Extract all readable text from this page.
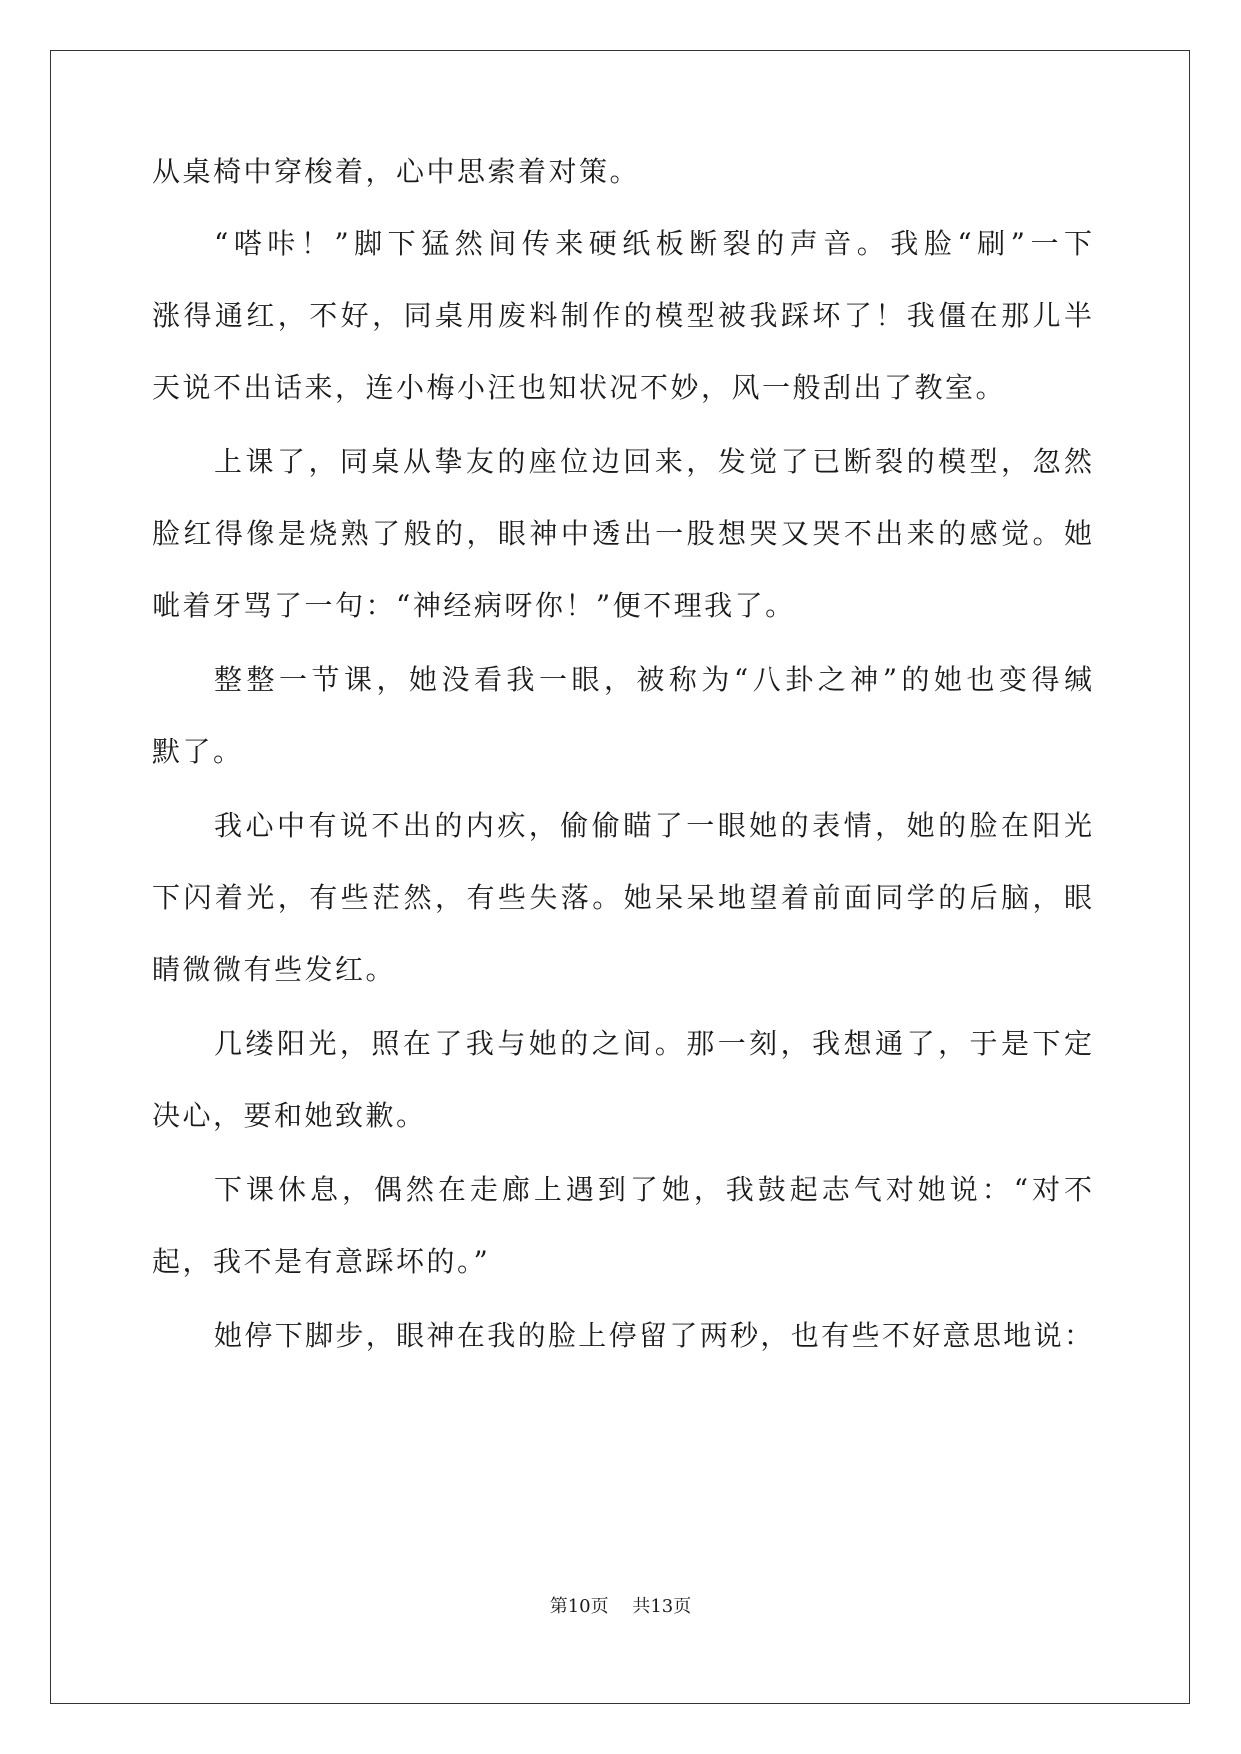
从桌椅中穿梭着，心中思索着对策。
“嗒咔！”脚下猛然间传来硬纸板断裂的声音。我脸“刷”一下
涨得通红，不好，同桌用废料制作的模型被我踩坏了！我僵在那儿半
天说不出话来，连小梅小汪也知状况不妙，风一般刮出了教室。
上课了，同桌从挚友的座位边回来，发觉了已断裂的模型，忽然
脸红得像是烧熟了般的，眼神中透出一股想哭又哭不出来的感觉。她
呲着牙骂了一句：“神经病呀你！”便不理我了。
整整一节课，她没看我一眼，被称为“八卦之神”的她也变得缄
默了。
我心中有说不出的内疚，偷偷瞄了一眼她的表情，她的脸在阳光
下闪着光，有些茫然，有些失落。她呆呆地望着前面同学的后脑，眼
睛微微有些发红。
几缕阳光，照在了我与她的之间。那一刻，我想通了，于是下定
决心，要和她致歉。
下课休息，偶然在走廊上遇到了她，我鼓起志气对她说：“对不
起，我不是有意踩坏的。”
她停下脚步，眼神在我的脸上停留了两秒，也有些不好意思地说：
第10页 共13页
